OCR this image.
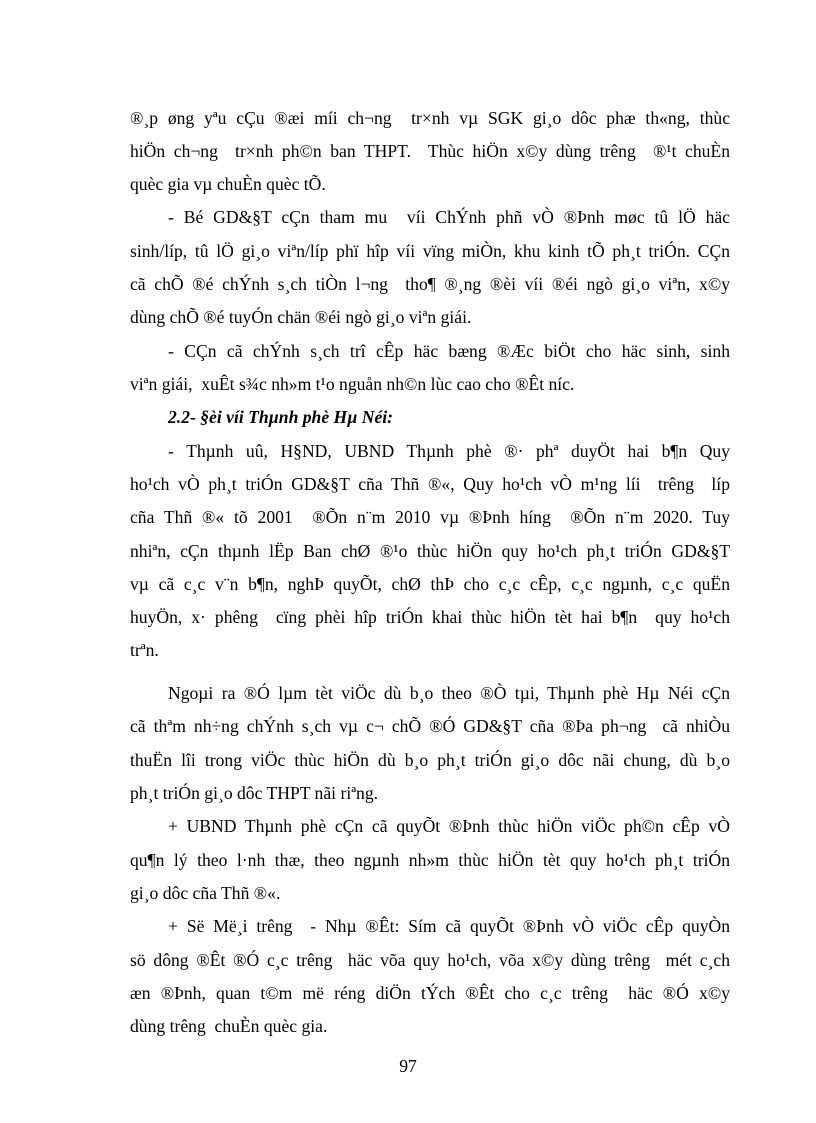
®¸p øng yªu cÇu ®æi míi ch¬ng  tr×nh vµ SGK gi¸o dôc phæ th«ng, thùc

hiÖn ch¬ng  tr×nh ph©n ban THPT.  Thùc hiÖn x©y dùng trêng  ®¹t chuÈn

quèc gia vµ chuÈn quèc tÕ.

- Bé GD&§T cÇn tham mu  víi ChÝnh phñ vÒ ®Þnh møc tû lÖ häc

sinh/líp, tû lÖ gi¸o viªn/líp phï hîp víi vïng miÒn, khu kinh tÕ ph¸t triÓn. CÇn

cã chÕ ®é chÝnh s¸ch tiÒn l¬ng  tho¶ ®¸ng ®èi víi ®éi ngò gi¸o viªn, x©y

dùng chÕ ®é tuyÓn chän ®éi ngò gi¸o viªn giái.

- CÇn cã chÝnh s¸ch trî cÊp häc bæng ®Æc biÖt cho häc sinh, sinh

viªn giái,  xuÊt s¾c nh»m t¹o nguån nh©n lùc cao cho ®Êt níc.

2.2- §èi víi Thµnh phè Hµ Néi:

- Thµnh uû, H§ND, UBND Thµnh phè ®· phª duyÖt hai b¶n Quy

ho¹ch vÒ ph¸t triÓn GD&§T cña Thñ ®«, Quy ho¹ch vÒ m¹ng líi  trêng  líp

cña Thñ ®« tõ 2001  ®Õn n¨m 2010 vµ ®Þnh híng  ®Õn n¨m 2020. Tuy

nhiªn, cÇn thµnh lËp Ban chØ ®¹o thùc hiÖn quy ho¹ch ph¸t triÓn GD&§T

vµ cã c¸c v¨n b¶n, nghÞ quyÕt, chØ thÞ cho c¸c cÊp, c¸c ngµnh, c¸c quËn

huyÖn, x· phêng  cïng phèi hîp triÓn khai thùc hiÖn tèt hai b¶n  quy ho¹ch

trªn.

Ngoµi ra ®Ó lµm tèt viÖc dù b¸o theo ®Ò tµi, Thµnh phè Hµ Néi cÇn

cã thªm nh÷ng chÝnh s¸ch vµ c¬ chÕ ®Ó GD&§T cña ®Þa ph¬ng  cã nhiÒu

thuËn lîi trong viÖc thùc hiÖn dù b¸o ph¸t triÓn gi¸o dôc nãi chung, dù b¸o

ph¸t triÓn gi¸o dôc THPT nãi riªng.

+ UBND Thµnh phè cÇn cã quyÕt ®Þnh thùc hiÖn viÖc ph©n cÊp vÒ

qu¶n lý theo l·nh thæ, theo ngµnh nh»m thùc hiÖn tèt quy ho¹ch ph¸t triÓn

gi¸o dôc cña Thñ ®«.

+ Së Më¸i trêng  - Nhµ ®Êt: Sím cã quyÕt ®Þnh vÒ viÖc cÊp quyÒn

sö dông ®Êt ®Ó c¸c trêng  häc võa quy ho¹ch, võa x©y dùng trêng  mét c¸ch

æn ®Þnh, quan t©m më réng diÖn tÝch ®Êt cho c¸c trêng  häc ®Ó x©y

dùng trêng  chuÈn quèc gia.

97
